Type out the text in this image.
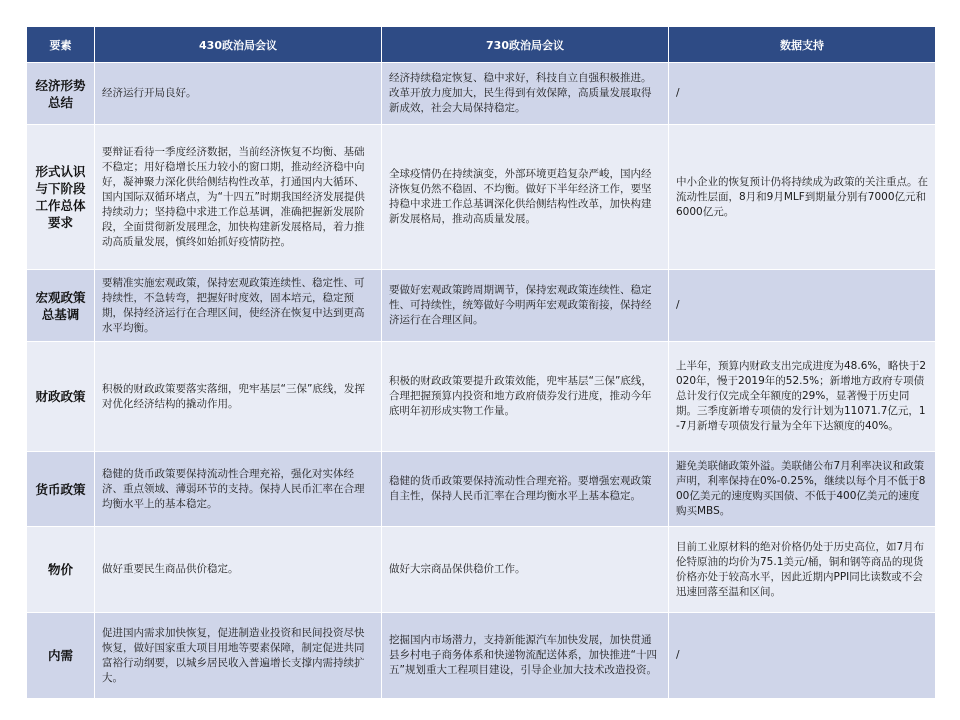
要素	430政治局会议	730政治局会议	数据支持
经济形势总结	经济运行开局良好。	经济持续稳定恢复、稳中求好，科技自立自强积极推进。改革开放力度加大，民生得到有效保障，高质量发展取得新成效，社会大局保持稳定。	/
形式认识与下阶段工作总体要求	要辩证看待一季度经济数据，当前经济恢复不均衡、基础不稳定；用好稳增长压力较小的窗口期，推动经济稳中向好，凝神聚力深化供给侧结构性改革，打通国内大循环、国内国际双循环堵点，为“十四五”时期我国经济发展提供持续动力；坚持稳中求进工作总基调，准确把握新发展阶段，全面贯彻新发展理念，加快构建新发展格局，着力推动高质量发展，慎终如始抓好疫情防控。	全球疫情仍在持续演变，外部环境更趋复杂严峻，国内经济恢复仍然不稳固、不均衡。做好下半年经济工作，要坚持稳中求进工作总基调深化供给侧结构性改革，加快构建新发展格局，推动高质量发展。	中小企业的恢复预计仍将持续成为政策的关注重点。在流动性层面，8月和9月MLF到期量分别有7000亿元和6000亿元。
宏观政策总基调	要精准实施宏观政策，保持宏观政策连续性、稳定性、可持续性，不急转弯，把握好时度效，固本培元，稳定预期，保持经济运行在合理区间，使经济在恢复中达到更高水平均衡。	要做好宏观政策跨周期调节，保持宏观政策连续性、稳定性、可持续性，统筹做好今明两年宏观政策衔接，保持经济运行在合理区间。	/
财政政策	积极的财政政策要落实落细，兜牢基层“三保”底线，发挥对优化经济结构的撬动作用。	积极的财政政策要提升政策效能，兜牢基层“三保”底线，合理把握预算内投资和地方政府债券发行进度，推动今年底明年初形成实物工作量。	上半年，预算内财政支出完成进度为48.6%，略快于2020年，慢于2019年的52.5%；新增地方政府专项债总计发行仅完成全年额度的29%，显著慢于历史同期。三季度新增专项债的发行计划为11071.7亿元，1-7月新增专项债发行量为全年下达额度的40%。
货币政策	稳健的货币政策要保持流动性合理充裕，强化对实体经济、重点领域、薄弱环节的支持。保持人民币汇率在合理均衡水平上的基本稳定。	稳健的货币政策要保持流动性合理充裕。要增强宏观政策自主性，保持人民币汇率在合理均衡水平上基本稳定。	避免美联储政策外溢。美联储公布7月利率决议和政策声明，利率保持在0%-0.25%，继续以每个月不低于800亿美元的速度购买国债、不低于400亿美元的速度购买MBS。
物价	做好重要民生商品供价稳定。	做好大宗商品保供稳价工作。	目前工业原材料的绝对价格仍处于历史高位，如7月布伦特原油的均价为75.1美元/桶，铜和钢等商品的现货价格亦处于较高水平，因此近期内PPI同比读数或不会迅速回落至温和区间。
内需	促进国内需求加快恢复，促进制造业投资和民间投资尽快恢复，做好国家重大项目用地等要素保障，制定促进共同富裕行动纲要，以城乡居民收入普遍增长支撑内需持续扩大。	挖掘国内市场潜力，支持新能源汽车加快发展，加快贯通县乡村电子商务体系和快递物流配送体系，加快推进“十四五”规划重大工程项目建设，引导企业加大技术改造投资。	/
